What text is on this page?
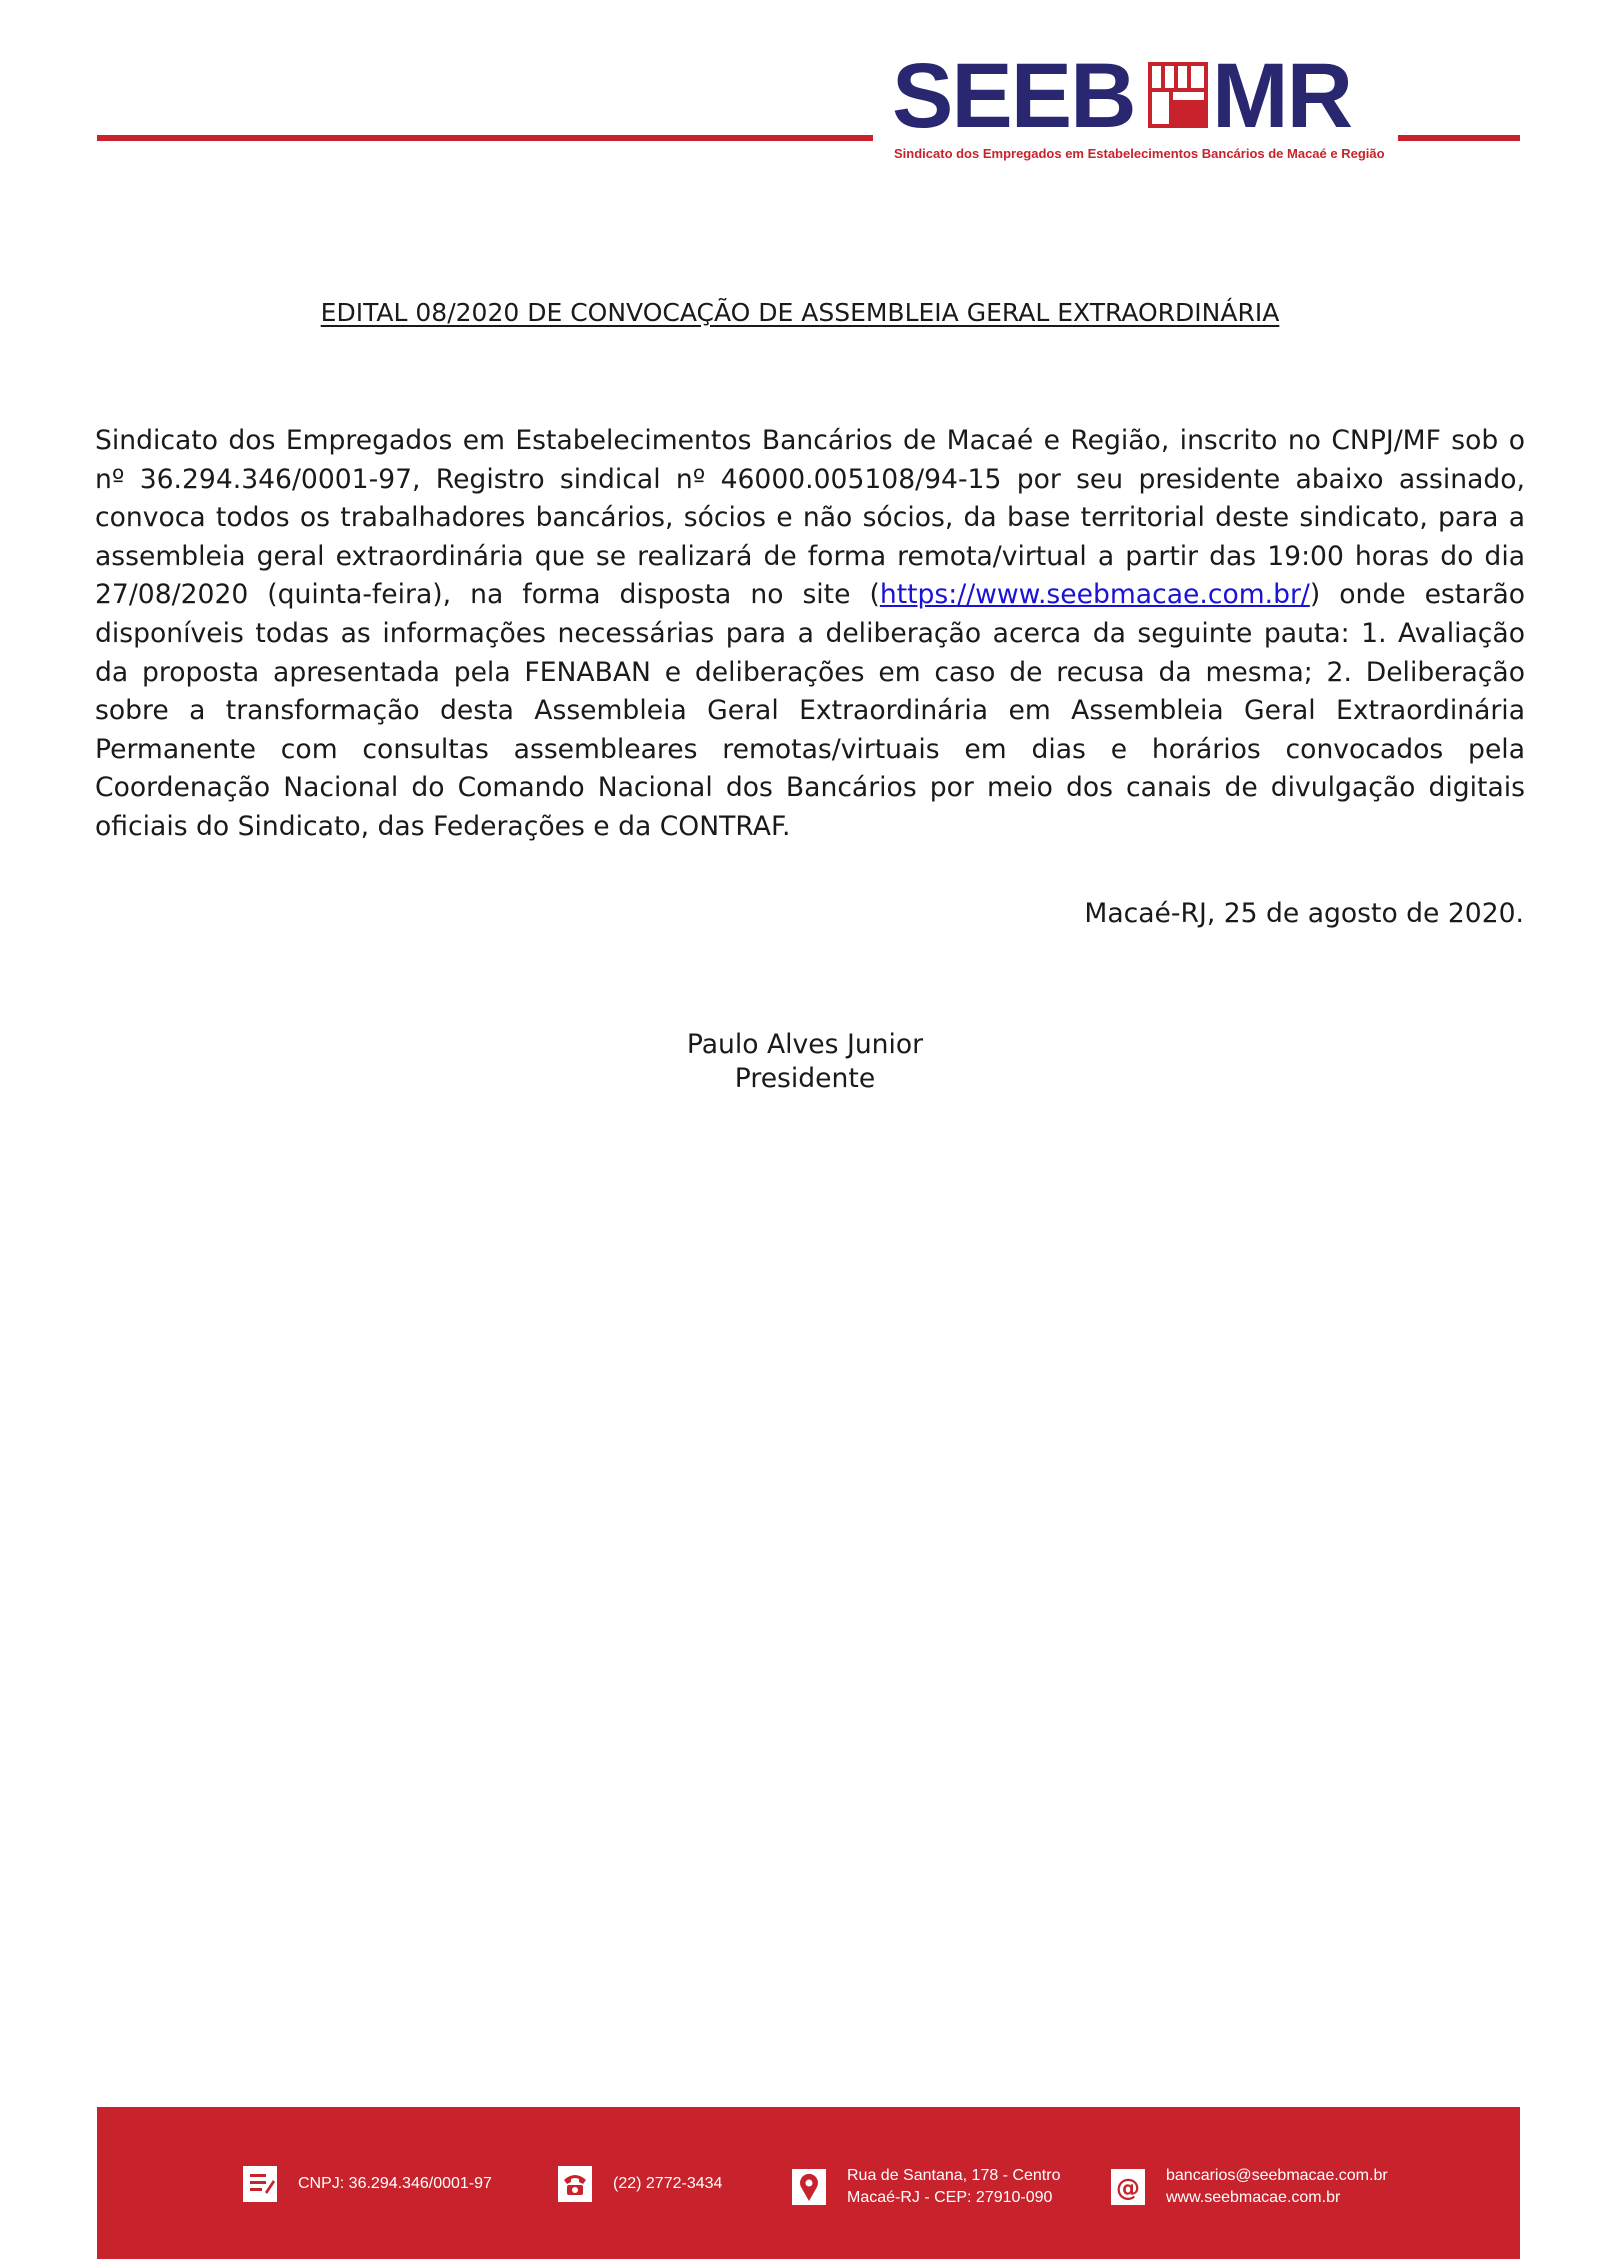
SEEB MR
Sindicato dos Empregados em Estabelecimentos Bancários de Macaé e Região
EDITAL 08/2020 DE CONVOCAÇÃO DE ASSEMBLEIA GERAL EXTRAORDINÁRIA

Sindicato dos Empregados em Estabelecimentos Bancários de Macaé e Região, inscrito no CNPJ/MF sob o nº 36.294.346/0001-97, Registro sindical nº 46000.005108/94-15 por seu presidente abaixo assinado, convoca todos os trabalhadores bancários, sócios e não sócios, da base territorial deste sindicato, para a assembleia geral extraordinária que se realizará de forma remota/virtual a partir das 19:00 horas do dia 27/08/2020 (quinta-feira), na forma disposta no site (https://www.seebmacae.com.br/) onde estarão disponíveis todas as informações necessárias para a deliberação acerca da seguinte pauta: 1. Avaliação da proposta apresentada pela FENABAN e deliberações em caso de recusa da mesma; 2. Deliberação sobre a transformação desta Assembleia Geral Extraordinária em Assembleia Geral Extraordinária Permanente com consultas assembleares remotas/virtuais em dias e horários convocados pela Coordenação Nacional do Comando Nacional dos Bancários por meio dos canais de divulgação digitais oficiais do Sindicato, das Federações e da CONTRAF.

Macaé-RJ, 25 de agosto de 2020.
Paulo Alves Junior
Presidente
CNPJ: 36.294.346/0001-97	(22) 2772-3434	Rua de Santana, 178 - Centro
Macaé-RJ - CEP: 27910-090	@ bancarios@seebmacae.com.br
www.seebmacae.com.br
